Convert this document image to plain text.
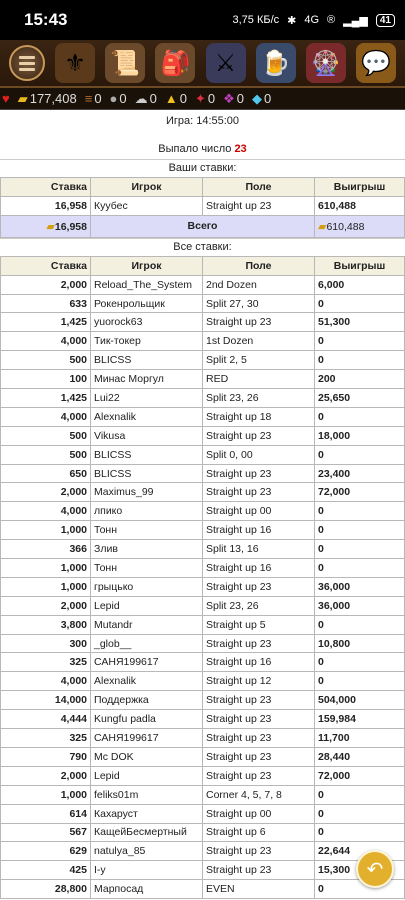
15:43	3,75 КБ/с ✱ 4G ® ▂▄▆	41
⚜	📜 🎒	⚔	🍺 🎡 💬
♥ ▰ 177,408 ≡ 0 ● 0 ☁ 0 ▲ 0 ✦ 0 ❖ 0 ◆ 0
Игра: 14:55:00
Выпало число 23
Ваши ставки:
Ставка	Игрок	Поле	Выигрыш
16,958	Куубес	Straight up 23	610,488
▰16,958	Всего		▰610,488
Все ставки:
Ставка	Игрок	Поле	Выигрыш
2,000	Reload_The_System	2nd Dozen	6,000
633	Рокенрольщик	Split 27, 30	0
1,425	yuorock63	Straight up 23	51,300
4,000	Тик-токер	1st Dozen	0
500	BLICSS	Split 2, 5	0
100	Минас Моргул	RED	200
1,425	Lui22	Split 23, 26	25,650
4,000	Alexnalik	Straight up 18	0
500	Vikusa	Straight up 23	18,000
500	BLICSS	Split 0, 00	0
650	BLICSS	Straight up 23	23,400
2,000	Maximus_99	Straight up 23	72,000
4,000	лпико	Straight up 00	0
1,000	Тонн	Straight up 16	0
366	Злив	Split 13, 16	0
1,000	Тонн	Straight up 16	0
1,000	грыцько	Straight up 23	36,000
2,000	Lepid	Split 23, 26	36,000
3,800	Mutandr	Straight up 5	0
300	_glob__	Straight up 23	10,800
325	САНЯ199617	Straight up 16	0
4,000	Alexnalik	Straight up 12	0
14,000	Поддержка	Straight up 23	504,000
4,444	Kungfu padla	Straight up 23	159,984
325	САНЯ199617	Straight up 23	11,700
790	Mc DOK	Straight up 23	28,440
2,000	Lepid	Straight up 23	72,000
1,000	feliks01m	Corner 4, 5, 7, 8	0
614	Кахаруст	Straight up 00	0
567	КащейБесмертный	Straight up 6	0
629	natulya_85	Straight up 23	22,644
425	I-y	Straight up 23	15,300
28,800	Марпосад	EVEN	0
↶
